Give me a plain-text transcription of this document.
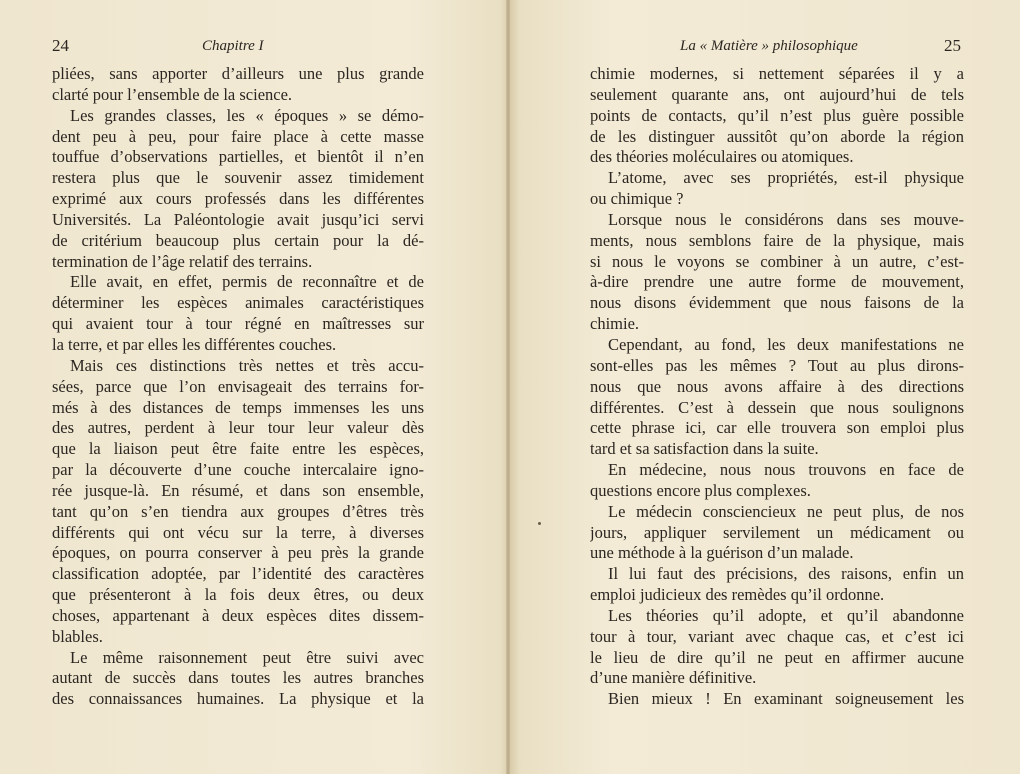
24	Chapitre I
pliées, sans apporter d’ailleurs une plus grande
clarté pour l’ensemble de la science.
Les grandes classes, les « époques » se démo-
dent peu à peu, pour faire place à cette masse
touffue d’observations partielles, et bientôt il n’en
restera plus que le souvenir assez timidement
exprimé aux cours professés dans les différentes
Universités. La Paléontologie avait jusqu’ici servi
de critérium beaucoup plus certain pour la dé-
termination de l’âge relatif des terrains.
Elle avait, en effet, permis de reconnaître et de
déterminer les espèces animales caractéristiques
qui avaient tour à tour régné en maîtresses sur
la terre, et par elles les différentes couches.
Mais ces distinctions très nettes et très accu-
sées, parce que l’on envisageait des terrains for-
més à des distances de temps immenses les uns
des autres, perdent à leur tour leur valeur dès
que la liaison peut être faite entre les espèces,
par la découverte d’une couche intercalaire igno-
rée jusque-là. En résumé, et dans son ensemble,
tant qu’on s’en tiendra aux groupes d’êtres très
différents qui ont vécu sur la terre, à diverses
époques, on pourra conserver à peu près la grande
classification adoptée, par l’identité des caractères
que présenteront à la fois deux êtres, ou deux
choses, appartenant à deux espèces dites dissem-
blables.
Le même raisonnement peut être suivi avec
autant de succès dans toutes les autres branches
des connaissances humaines. La physique et la
La « Matière » philosophique	25
chimie modernes, si nettement séparées il y a
seulement quarante ans, ont aujourd’hui de tels
points de contacts, qu’il n’est plus guère possible
de les distinguer aussitôt qu’on aborde la région
des théories moléculaires ou atomiques.
L’atome, avec ses propriétés, est-il physique
ou chimique ?
Lorsque nous le considérons dans ses mouve-
ments, nous semblons faire de la physique, mais
si nous le voyons se combiner à un autre, c’est-
à-dire prendre une autre forme de mouvement,
nous disons évidemment que nous faisons de la
chimie.
Cependant, au fond, les deux manifestations ne
sont-elles pas les mêmes ? Tout au plus dirons-
nous que nous avons affaire à des directions
différentes. C’est à dessein que nous soulignons
cette phrase ici, car elle trouvera son emploi plus
tard et sa satisfaction dans la suite.
En médecine, nous nous trouvons en face de
questions encore plus complexes.
Le médecin consciencieux ne peut plus, de nos
jours, appliquer servilement un médicament ou
une méthode à la guérison d’un malade.
Il lui faut des précisions, des raisons, enfin un
emploi judicieux des remèdes qu’il ordonne.
Les théories qu’il adopte, et qu’il abandonne
tour à tour, variant avec chaque cas, et c’est ici
le lieu de dire qu’il ne peut en affirmer aucune
d’une manière définitive.
Bien mieux ! En examinant soigneusement les
